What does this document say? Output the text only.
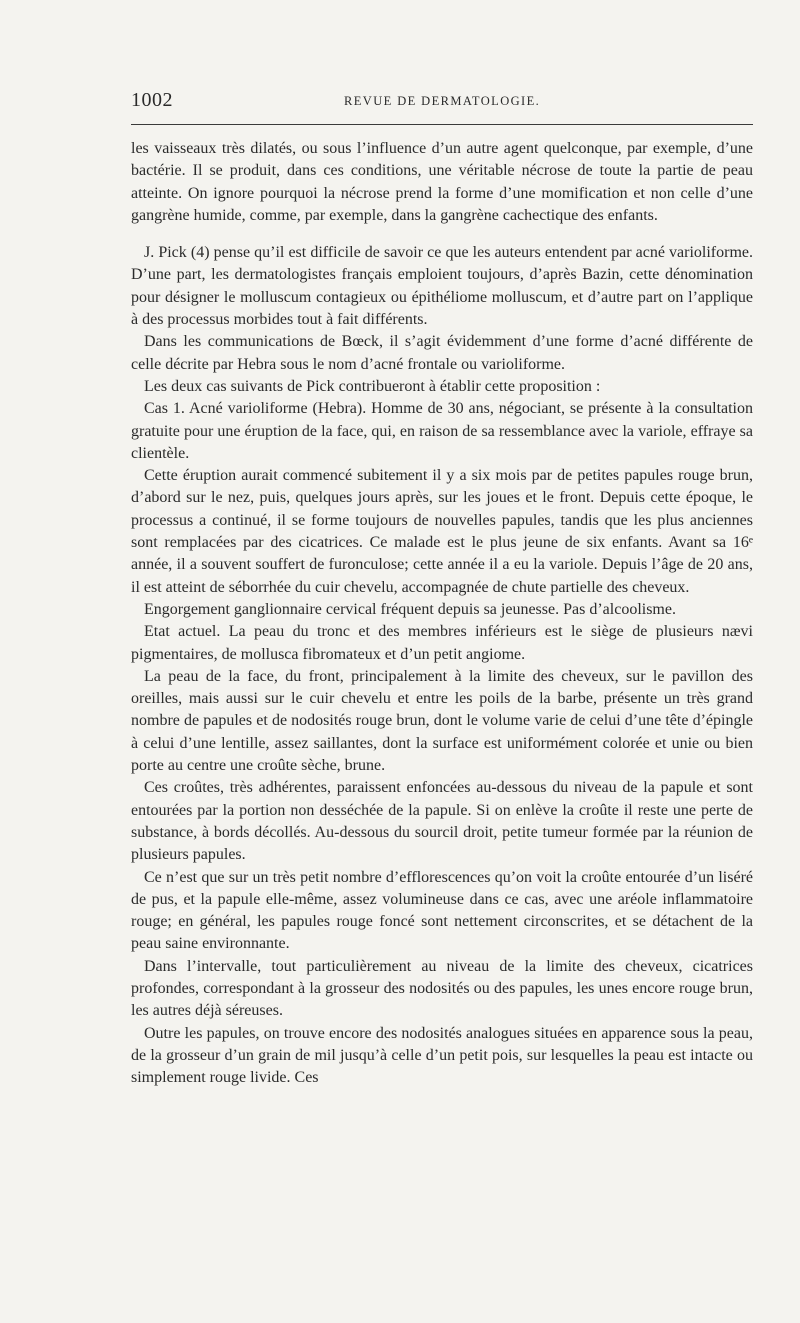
1002	REVUE DE DERMATOLOGIE.

les vaisseaux très dilatés, ou sous l’influence d’un autre agent quelconque, par exemple, d’une bactérie. Il se produit, dans ces conditions, une véritable nécrose de toute la partie de peau atteinte. On ignore pourquoi la nécrose prend la forme d’une momification et non celle d’une gangrène humide, comme, par exemple, dans la gangrène cachectique des enfants.

J. Pick (4) pense qu’il est difficile de savoir ce que les auteurs entendent par acné varioliforme. D’une part, les dermatologistes français emploient toujours, d’après Bazin, cette dénomination pour désigner le molluscum contagieux ou épithéliome molluscum, et d’autre part on l’applique à des processus morbides tout à fait différents.

Dans les communications de Bœck, il s’agit évidemment d’une forme d’acné différente de celle décrite par Hebra sous le nom d’acné frontale ou varioliforme.

Les deux cas suivants de Pick contribueront à établir cette proposition :

Cas 1. Acné varioliforme (Hebra). Homme de 30 ans, négociant, se présente à la consultation gratuite pour une éruption de la face, qui, en raison de sa ressemblance avec la variole, effraye sa clientèle.

Cette éruption aurait commencé subitement il y a six mois par de petites papules rouge brun, d’abord sur le nez, puis, quelques jours après, sur les joues et le front. Depuis cette époque, le processus a continué, il se forme toujours de nouvelles papules, tandis que les plus anciennes sont remplacées par des cicatrices. Ce malade est le plus jeune de six enfants. Avant sa 16ᵉ année, il a souvent souffert de furonculose; cette année il a eu la variole. Depuis l’âge de 20 ans, il est atteint de séborrhée du cuir chevelu, accompagnée de chute partielle des cheveux.

Engorgement ganglionnaire cervical fréquent depuis sa jeunesse. Pas d’alcoolisme.

Etat actuel. La peau du tronc et des membres inférieurs est le siège de plusieurs nævi pigmentaires, de mollusca fibromateux et d’un petit angiome.

La peau de la face, du front, principalement à la limite des cheveux, sur le pavillon des oreilles, mais aussi sur le cuir chevelu et entre les poils de la barbe, présente un très grand nombre de papules et de nodosités rouge brun, dont le volume varie de celui d’une tête d’épingle à celui d’une lentille, assez saillantes, dont la surface est uniformément colorée et unie ou bien porte au centre une croûte sèche, brune.

Ces croûtes, très adhérentes, paraissent enfoncées au-dessous du niveau de la papule et sont entourées par la portion non desséchée de la papule. Si on enlève la croûte il reste une perte de substance, à bords décollés. Au-dessous du sourcil droit, petite tumeur formée par la réunion de plusieurs papules.

Ce n’est que sur un très petit nombre d’efflorescences qu’on voit la croûte entourée d’un liséré de pus, et la papule elle-même, assez volumineuse dans ce cas, avec une aréole inflammatoire rouge; en général, les papules rouge foncé sont nettement circonscrites, et se détachent de la peau saine environnante.

Dans l’intervalle, tout particulièrement au niveau de la limite des cheveux, cicatrices profondes, correspondant à la grosseur des nodosités ou des papules, les unes encore rouge brun, les autres déjà séreuses.

Outre les papules, on trouve encore des nodosités analogues situées en apparence sous la peau, de la grosseur d’un grain de mil jusqu’à celle d’un petit pois, sur lesquelles la peau est intacte ou simplement rouge livide. Ces
